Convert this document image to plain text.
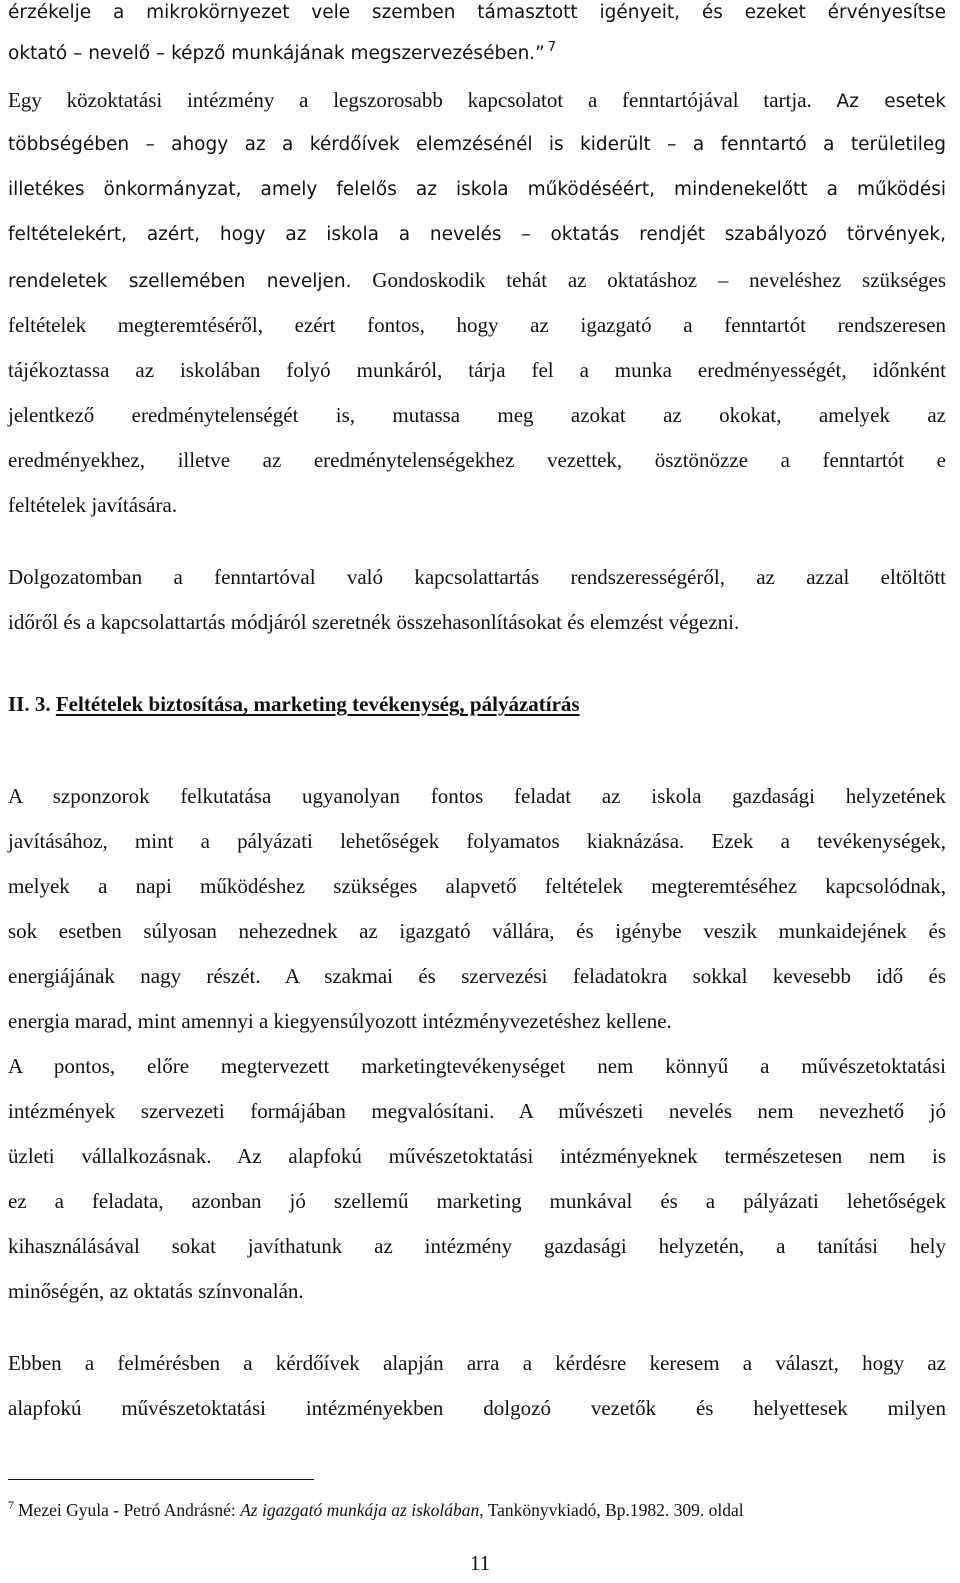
érzékelje a mikrokörnyezet vele szemben támasztott igényeit, és ezeket érvényesítse
oktató – nevelő – képző munkájának megszervezésében.” $^7$
Egy közoktatási intézmény a legszorosabb kapcsolatot a fenntartójával tartja. Az esetek
többségében – ahogy az a kérdőívek elemzésénél is kiderült – a fenntartó a területileg
illetékes önkormányzat, amely felelős az iskola működéséért, mindenekelőtt a működési
feltételekért, azért, hogy az iskola a nevelés – oktatás rendjét szabályozó törvények,
rendeletek szellemében neveljen. Gondoskodik tehát az oktatáshoz – neveléshez szükséges
feltételek megteremtéséről, ezért fontos, hogy az igazgató a fenntartót rendszeresen
tájékoztassa az iskolában folyó munkáról, tárja fel a munka eredményességét, időnként
jelentkező eredménytelenségét is, mutassa meg azokat az okokat, amelyek az
eredményekhez, illetve az eredménytelenségekhez vezettek, ösztönözze a fenntartót e
feltételek javítására.
Dolgozatomban a fenntartóval való kapcsolattartás rendszerességéről, az azzal eltöltött
időről és a kapcsolattartás módjáról szeretnék összehasonlításokat és elemzést végezni.
II. 3. Feltételek biztosítása, marketing tevékenység, pályázatírás
A szponzorok felkutatása ugyanolyan fontos feladat az iskola gazdasági helyzetének
javításához, mint a pályázati lehetőségek folyamatos kiaknázása. Ezek a tevékenységek,
melyek a napi működéshez szükséges alapvető feltételek megteremtéséhez kapcsolódnak,
sok esetben súlyosan nehezednek az igazgató vállára, és igénybe veszik munkaidejének és
energiájának nagy részét. A szakmai és szervezési feladatokra sokkal kevesebb idő és
energia marad, mint amennyi a kiegyensúlyozott intézményvezetéshez kellene.
A pontos, előre megtervezett marketingtevékenységet nem könnyű a művészetoktatási
intézmények szervezeti formájában megvalósítani. A művészeti nevelés nem nevezhető jó
üzleti vállalkozásnak. Az alapfokú művészetoktatási intézményeknek természetesen nem is
ez a feladata, azonban jó szellemű marketing munkával és a pályázati lehetőségek
kihasználásával sokat javíthatunk az intézmény gazdasági helyzetén, a tanítási hely
minőségén, az oktatás színvonalán.
Ebben a felmérésben a kérdőívek alapján arra a kérdésre keresem a választ, hogy az
alapfokú művészetoktatási intézményekben dolgozó vezetők és helyettesek milyen
$^7$ Mezei Gyula - Petró Andrásné: Az igazgató munkája az iskolában, Tankönyvkiadó, Bp.1982. 309. oldal
11
